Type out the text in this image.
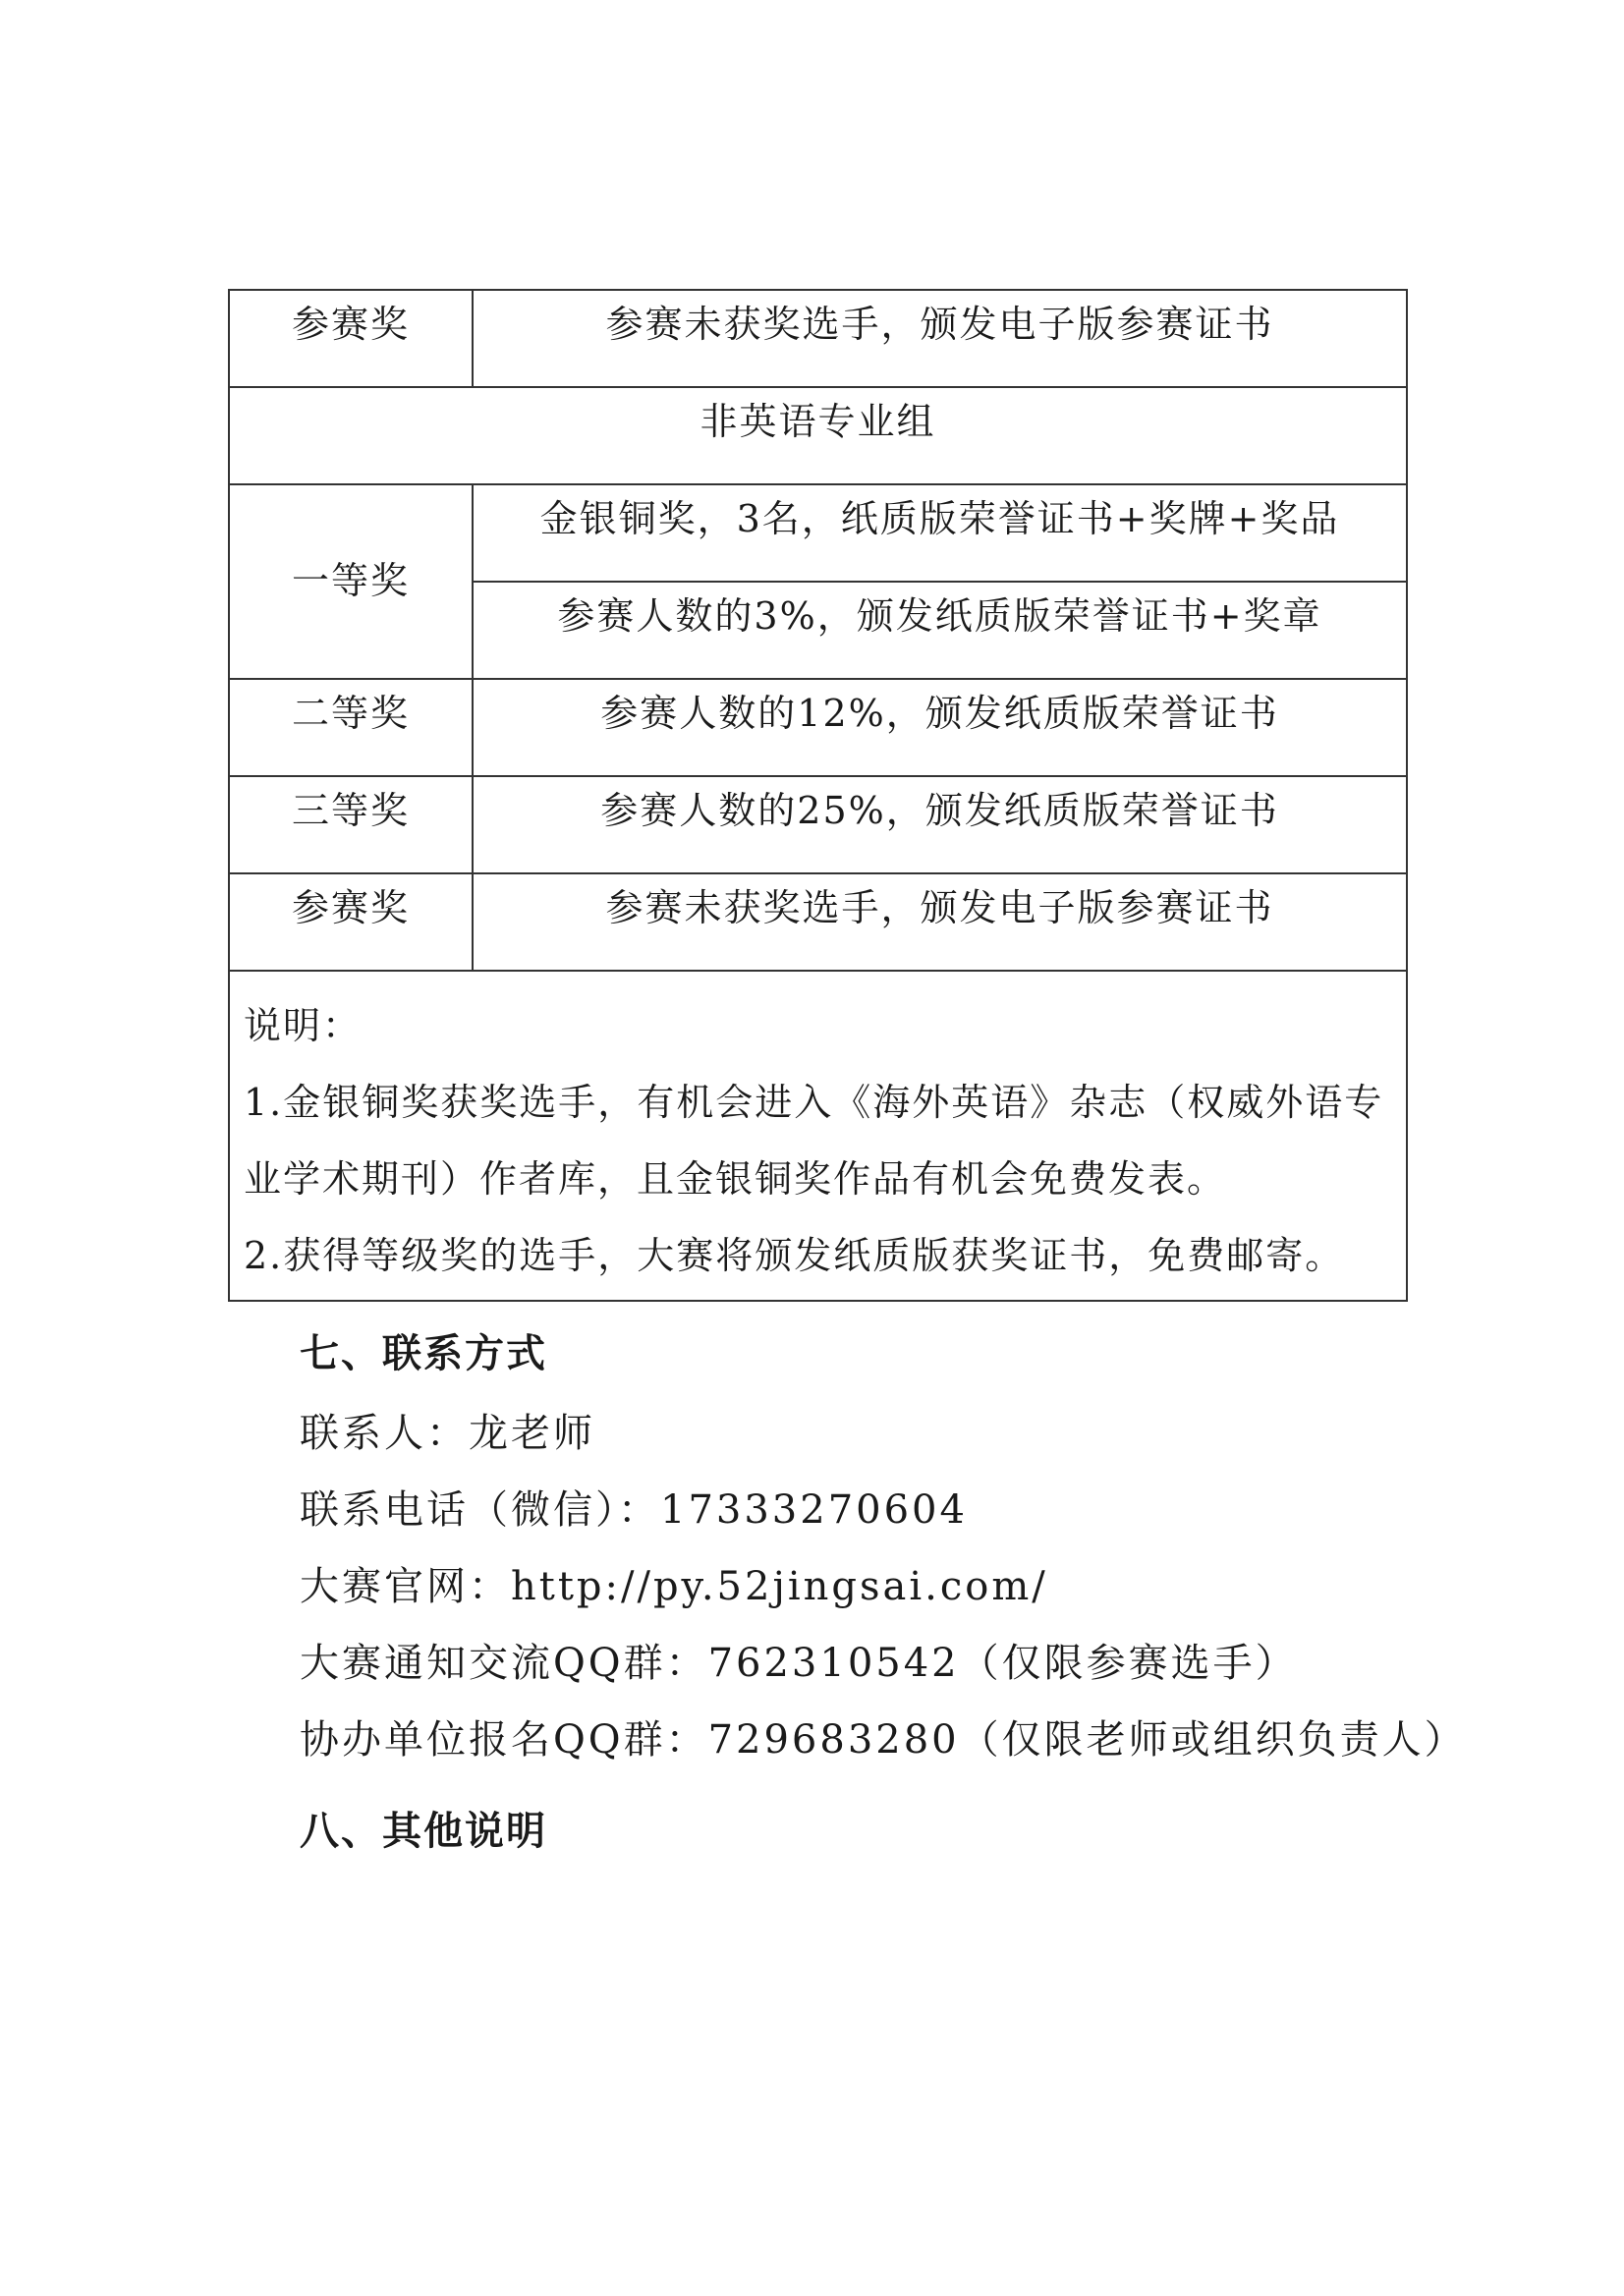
参赛奖	参赛未获奖选手，颁发电子版参赛证书
非英语专业组	
一等奖	金银铜奖，3名，纸质版荣誉证书+奖牌+奖品
	参赛人数的3%，颁发纸质版荣誉证书+奖章
二等奖	参赛人数的12%，颁发纸质版荣誉证书
三等奖	参赛人数的25%，颁发纸质版荣誉证书
参赛奖	参赛未获奖选手，颁发电子版参赛证书

说明：

1.金银铜奖获奖选手，有机会进入《海外英语》杂志（权威外语专业学术期刊）作者库，且金银铜奖作品有机会免费发表。

2.获得等级奖的选手，大赛将颁发纸质版获奖证书，免费邮寄。	

七、联系方式
联系人：龙老师
联系电话（微信）：17333270604
大赛官网：http://py.52jingsai.com/
大赛通知交流QQ群：762310542（仅限参赛选手）
协办单位报名QQ群：729683280（仅限老师或组织负责人）
八、其他说明
